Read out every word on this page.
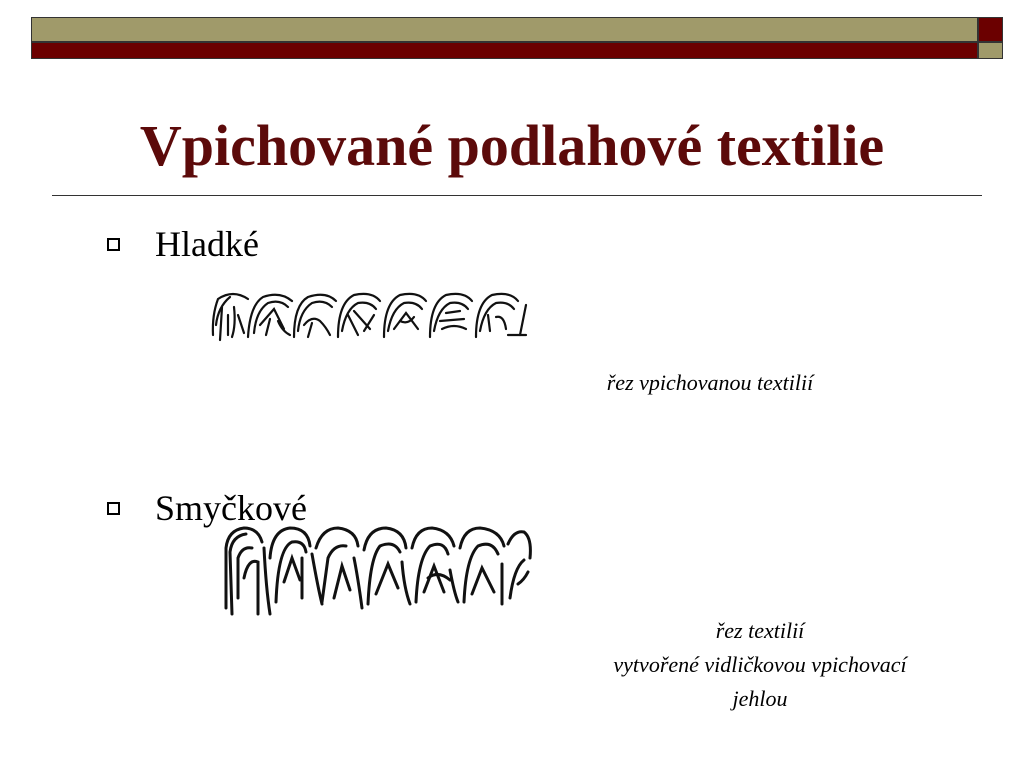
Vpichované podlahové textilie
Hladké
řez vpichovanou textilií
Smyčkové
řez textilií
vytvořené vidličkovou vpichovací
jehlou
